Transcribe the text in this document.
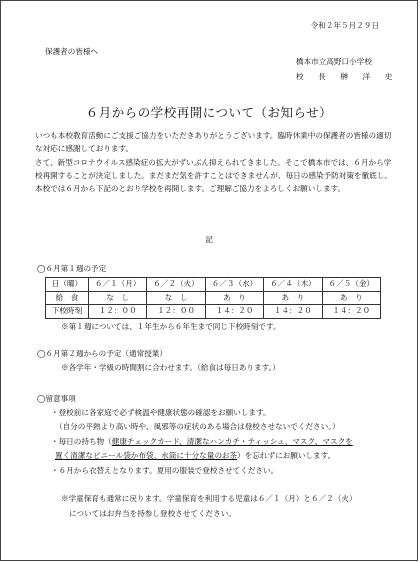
令和２年５月２９日
保護者の皆様へ
橋本市立高野口小学校
校　長　榊　洋　史
６月からの学校再開について（お知らせ）
いつも本校教育活動にご支援ご協力をいただきありがとうございます。臨時休業中の保護者の皆様の適切な対応に感謝しております。
さて、新型コロナウイルス感染症の拡大がずいぶん抑えられてきました。そこで橋本市では、６月から学校再開することが決定しました。まだまだ気を許すことはできませんが、毎日の感染予防対策を徹底し、本校では６月から下記のとおり学校を再開します。ご理解ご協力をよろしくお願いします。
記
◯６月第１週の予定
日（曜）	６／１（月）	６／２（火）	６／３（水）	６／４（木）	６／５（金）
給　食	な　し	な　し	あ　り	あ　り	あ　り
下校時刻	１２：００	１２：００	１４：２０	１４：２０	１４：２０
※第１週については、１年生から６年生まで同じ下校時刻です。
◯６月第２週からの予定（通常授業）
※各学年・学級の時間割に合わせます。（給食は毎日あります。）
◯留意事項
・登校前に各家庭で必ず検温や健康状態の確認をお願いします。
（自分の平熱より高い時や、風邪等の症状のある場合は登校させないでください。）
・毎日の持ち物（健康チェックカード、清潔なハンカチ・ティッシュ、マスク、マスクを
置く清潔なビニール袋か布袋、水筒に十分な量のお茶）を忘れずにお願いします。
・６月から衣替えとなります。夏用の服装で登校させてください。
※学童保育も通常に戻ります。学童保育を利用する児童は６／１（月）と６／２（火）
についてはお弁当を持参し登校させてください。
